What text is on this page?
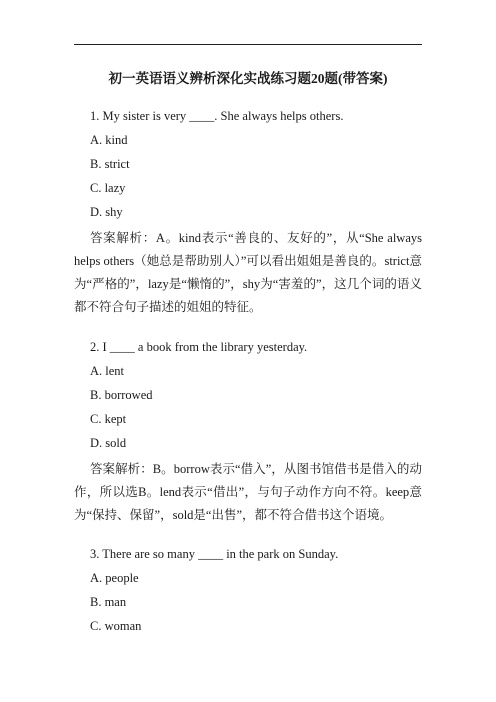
初一英语语义辨析深化实战练习题20题(带答案)
1. My sister is very ____. She always helps others.
A. kind
B. strict
C. lazy
D. shy
答案解析：A。kind表示“善良的、友好的”，从“She always helps others（她总是帮助别人）”可以看出姐姐是善良的。strict意为“严格的”，lazy是“懒惰的”，shy为“害羞的”，这几个词的语义都不符合句子描述的姐姐的特征。
2. I ____ a book from the library yesterday.
A. lent
B. borrowed
C. kept
D. sold
答案解析：B。borrow表示“借入”，从图书馆借书是借入的动作，所以选B。lend表示“借出”，与句子动作方向不符。keep意为“保持、保留”，sold是“出售”，都不符合借书这个语境。
3. There are so many ____ in the park on Sunday.
A. people
B. man
C. woman
